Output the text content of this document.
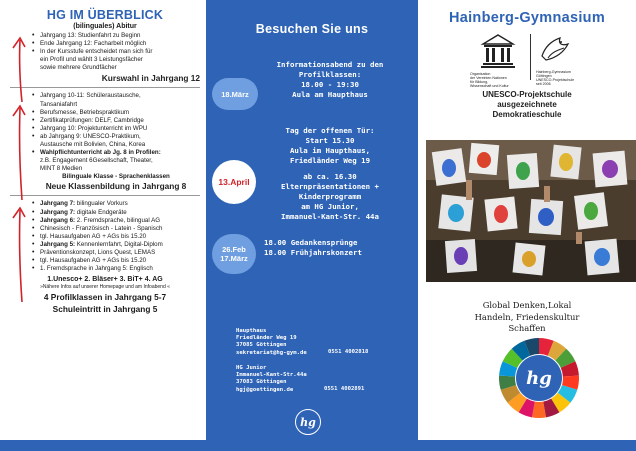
HG IM ÜBERBLICK
(bilinguales) Abitur
• Jahrgang 13: Studienfahrt zu Beginn
• Ende Jahrgang 12: Facharbeit möglich
• In der Kursstufe entscheidet man sich für
ein Profil und wählt 3 Leistungsfächer
sowie mehrere Grundfächer
Kurswahl in Jahrgang 12
• Jahrgang 10-11: Schüleraustausche,
Tansaniafahrt
• Berufsmesse, Betriebspraktikum
• Zertifikatprüfungen: DELF, Cambridge
• Jahrgang 10: Projektunterricht im WPU
• ab Jahrgang 9: UNESCO-Praktikum,
Austausche mit Bolivien, China, Korea
• Wahlpflichtunterricht ab Jg. 8 in Profilen:
z.B. Engagement 6Gesellschaft, Theater,
MINT 8 Medien
Bilinguale Klasse - Sprachenklassen
Neue Klassenbildung in Jahrgang 8
• Jahrgang 7: bilingualer Vorkurs
• Jahrgang 7: digitale Endgeräte
• Jahrgang 6: 2. Fremdsprache, bilingual AG
• Chinesisch - Französisch - Latein - Spanisch
• tgl. Hausaufgaben AG + AGs bis 15.20
• Jahrgang 5: Kennenlernfahrt, Digital-Diplom
• Präventionskonzept, Lions Quest, LEMAS
• tgl. Hausaufgaben AG + AGs bis 15.20
• 1. Fremdsprache in Jahrgang 5: Englisch
1.Unesco+ 2. Bläser+ 3. BiT+ 4. AG
»Nähere Infos auf unserer Homepage und am Infoabend «
4 Profilklassen in Jahrgang 5-7
Schuleintritt in Jahrgang 5
Besuchen Sie uns
18.März
Informationsabend zu den
Profilklassen:
18.00 - 19:30
Aula am Haupthaus
13.April
Tag der offenen Tür:
Start 15.30
Aula im Haupthaus,
Friedländer Weg 19
ab ca. 16.30
Elternpräsentationen +
Kinderprogramm
am HG Junior,
Immanuel-Kant-Str. 44a
26.Feb
17.März
18.00 Gedankensprünge
18.00 Frühjahrskonzert
Haupthaus
Friedländer Weg 19
37085 Göttingen
sekretariat@hg-gym.de	0551 4002818
HG Junior
Immanuel-Kant-Str.44a
37083 Göttingen
hgj@goettingen.de	0551 4002891
hg
Hainberg-Gymnasium
Organisation
der Vereinten Nationen
für Bildung,
Wissenschaft und Kultur
Hainberg-Gymnasium
Göttingen
UNESCO-Projektschule
seit 2006
UNESCO-Projektschule
ausgezeichnete
Demokratieschule
Global Denken,Lokal
Handeln, Friedenskultur
Schaffen
hg
